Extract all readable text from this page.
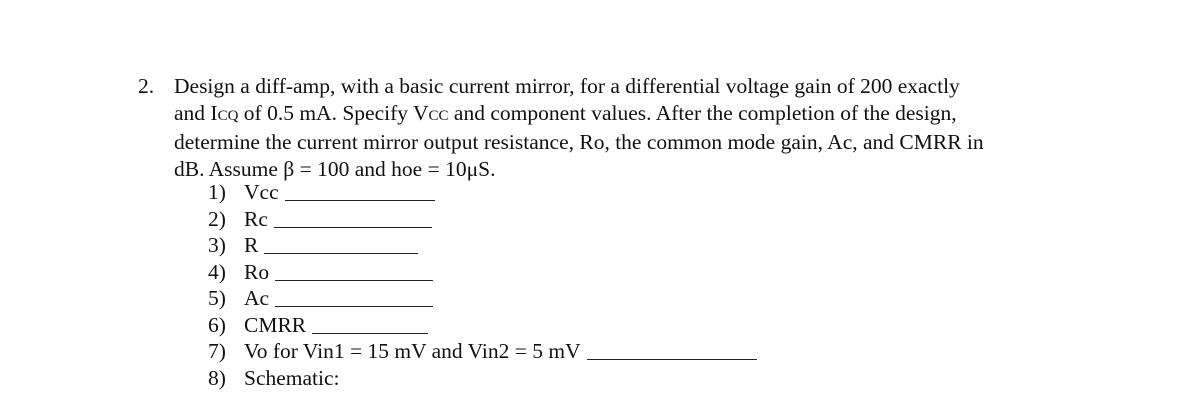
2. Design a diff-amp, with a basic current mirror, for a differential voltage gain of 200 exactly
and ICQ of 0.5 mA. Specify VCC and component values. After the completion of the design,
determine the current mirror output resistance, Ro, the common mode gain, Ac, and CMRR in
dB. Assume β = 100 and hoe = 10μS.
1) Vcc
2) Rc
3) R
4) Ro
5) Ac
6) CMRR
7) Vo for Vin1 = 15 mV and Vin2 = 5 mV
8) Schematic:
